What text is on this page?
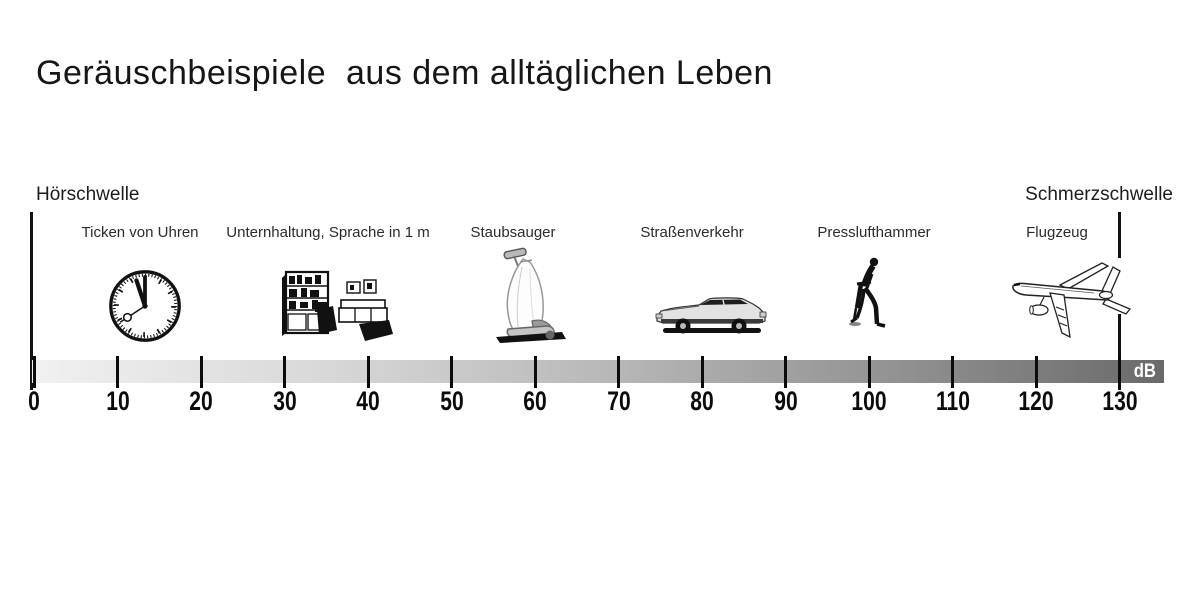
Geräuschbeispiele  aus dem alltäglichen Leben
Hörschwelle	Schmerzschwelle
Ticken von Uhren Unternhaltung, Sprache in 1 m	Staubsauger	Straßenverkehr	Presslufthammer	Flugzeug
dB
0 10 20 30 40 50 60 70 80 90 100 110 120 130
